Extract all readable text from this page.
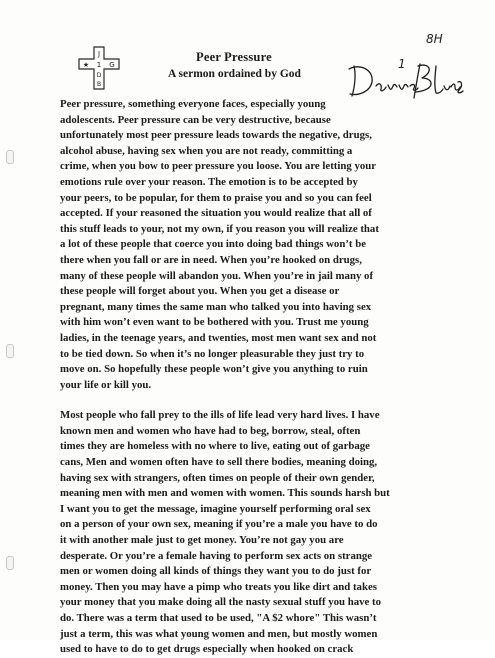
J
★ 1 G
D
B
Peer Pressure
A sermon ordained by God
8H
1

Peer pressure, something everyone faces, especially young
adolescents. Peer pressure can be very destructive, because
unfortunately most peer pressure leads towards the negative, drugs,
alcohol abuse, having sex when you are not ready, committing a
crime, when you bow to peer pressure you loose. You are letting your
emotions rule over your reason. The emotion is to be accepted by
your peers, to be popular, for them to praise you and so you can feel
accepted. If your reasoned the situation you would realize that all of
this stuff leads to your, not my own, if you reason you will realize that
a lot of these people that coerce you into doing bad things won’t be
there when you fall or are in need. When you’re hooked on drugs,
many of these people will abandon you. When you’re in jail many of
these people will forget about you. When you get a disease or
pregnant, many times the same man who talked you into having sex
with him won’t even want to be bothered with you. Trust me young
ladies, in the teenage years, and twenties, most men want sex and not
to be tied down. So when it’s no longer pleasurable they just try to
move on. So hopefully these people won’t give you anything to ruin
your life or kill you.

Most people who fall prey to the ills of life lead very hard lives. I have
known men and women who have had to beg, borrow, steal, often
times they are homeless with no where to live, eating out of garbage
cans, Men and women often have to sell there bodies, meaning doing,
having sex with strangers, often times on people of their own gender,
meaning men with men and women with women. This sounds harsh but
I want you to get the message, imagine yourself performing oral sex
on a person of your own sex, meaning if you’re a male you have to do
it with another male just to get money. You’re not gay you are
desperate. Or you’re a female having to perform sex acts on strange
men or women doing all kinds of things they want you to do just for
money. Then you may have a pimp who treats you like dirt and takes
your money that you make doing all the nasty sexual stuff you have to
do. There was a term that used to be used, "A $2 whore" This wasn’t
just a term, this was what young women and men, but mostly women
used to have to do to get drugs especially when hooked on crack
